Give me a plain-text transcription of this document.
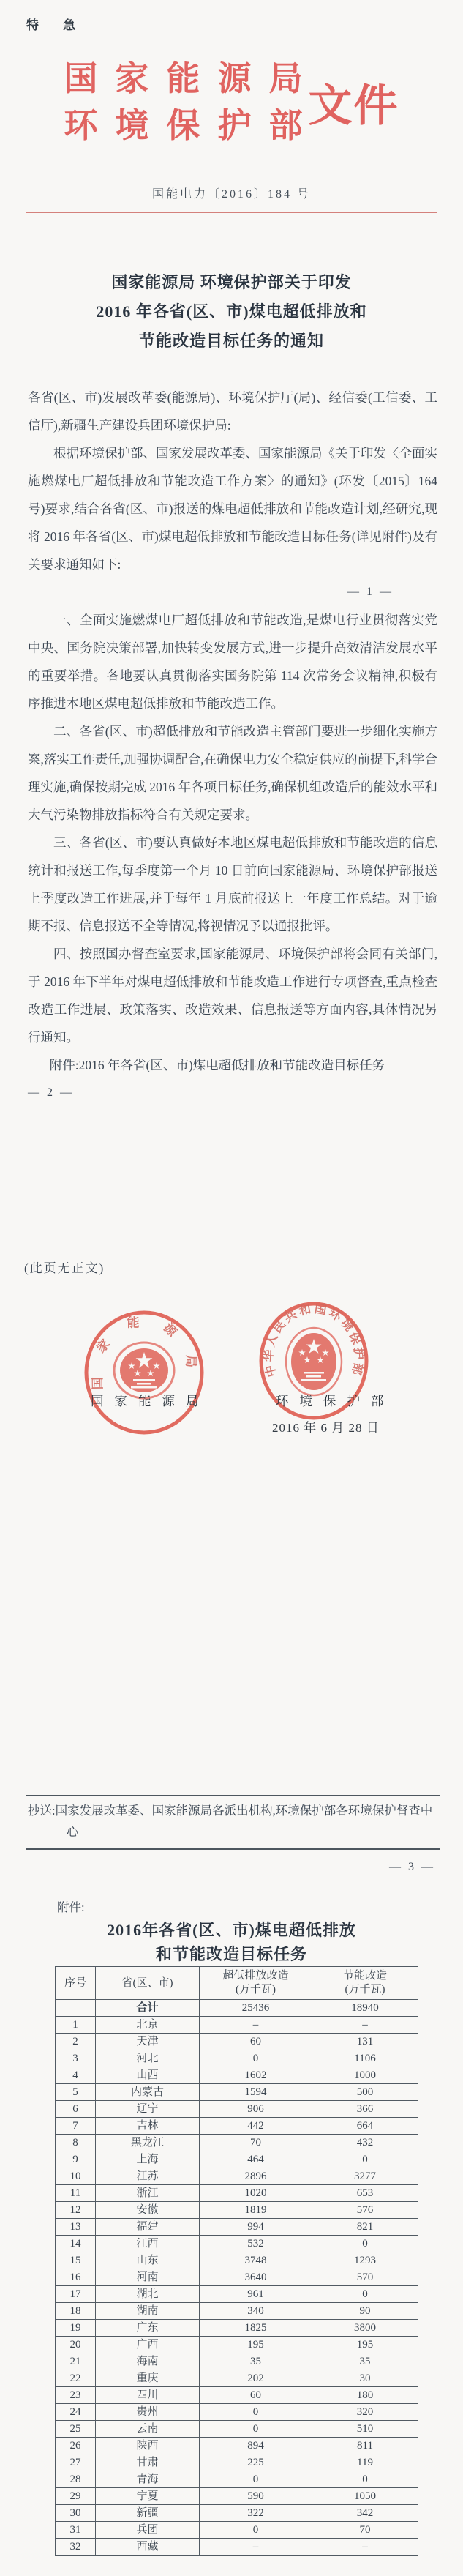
特　急
国家能源局
环境保护部
文件
国能电力〔2016〕184 号
国家能源局 环境保护部关于印发
2016 年各省(区、市)煤电超低排放和
节能改造目标任务的通知

各省(区、市)发展改革委(能源局)、环境保护厅(局)、经信委(工信委、工信厅),新疆生产建设兵团环境保护局:

根据环境保护部、国家发展改革委、国家能源局《关于印发〈全面实施燃煤电厂超低排放和节能改造工作方案〉的通知》(环发〔2015〕164 号)要求,结合各省(区、市)报送的煤电超低排放和节能改造计划,经研究,现将 2016 年各省(区、市)煤电超低排放和节能改造目标任务(详见附件)及有关要求通知如下:

— 1 —

一、全面实施燃煤电厂超低排放和节能改造,是煤电行业贯彻落实党中央、国务院决策部署,加快转变发展方式,进一步提升高效清洁发展水平的重要举措。各地要认真贯彻落实国务院第 114 次常务会议精神,积极有序推进本地区煤电超低排放和节能改造工作。

二、各省(区、市)超低排放和节能改造主管部门要进一步细化实施方案,落实工作责任,加强协调配合,在确保电力安全稳定供应的前提下,科学合理实施,确保按期完成 2016 年各项目标任务,确保机组改造后的能效水平和大气污染物排放指标符合有关规定要求。

三、各省(区、市)要认真做好本地区煤电超低排放和节能改造的信息统计和报送工作,每季度第一个月 10 日前向国家能源局、环境保护部报送上季度改造工作进展,并于每年 1 月底前报送上一年度工作总结。对于逾期不报、信息报送不全等情况,将视情况予以通报批评。

四、按照国办督查室要求,国家能源局、环境保护部将会同有关部门,于 2016 年下半年对煤电超低排放和节能改造工作进行专项督查,重点检查改造工作进展、政策落实、改造效果、信息报送等方面内容,具体情况另行通知。

附件:2016 年各省(区、市)煤电超低排放和节能改造目标任务
— 2 —
(此页无正文)
国家能源局	中华人民共和国环境保护部
国家能源局	环境保护部
2016 年 6 月 28 日
抄送:国家发展改革委、国家能源局各派出机构,环境保护部各环境保护督查中心
— 3 —
附件:
2016年各省(区、市)煤电超低排放
和节能改造目标任务
序号	省(区、市)	
超低排放改造
(万千瓦)

节能改造
(万千瓦)

	合计	25436	18940
1	北京	–	–
2	天津	60	131
3	河北	0	1106
4	山西	1602	1000
5	内蒙古	1594	500
6	辽宁	906	366
7	吉林	442	664
8	黑龙江	70	432
9	上海	464	0
10	江苏	2896	3277
11	浙江	1020	653
12	安徽	1819	576
13	福建	994	821
14	江西	532	0
15	山东	3748	1293
16	河南	3640	570
17	湖北	961	0
18	湖南	340	90
19	广东	1825	3800
20	广西	195	195
21	海南	35	35
22	重庆	202	30
23	四川	60	180
24	贵州	0	320
25	云南	0	510
26	陕西	894	811
27	甘肃	225	119
28	青海	0	0
29	宁夏	590	1050
30	新疆	322	342
31	兵团	0	70
32	西藏	–	–
